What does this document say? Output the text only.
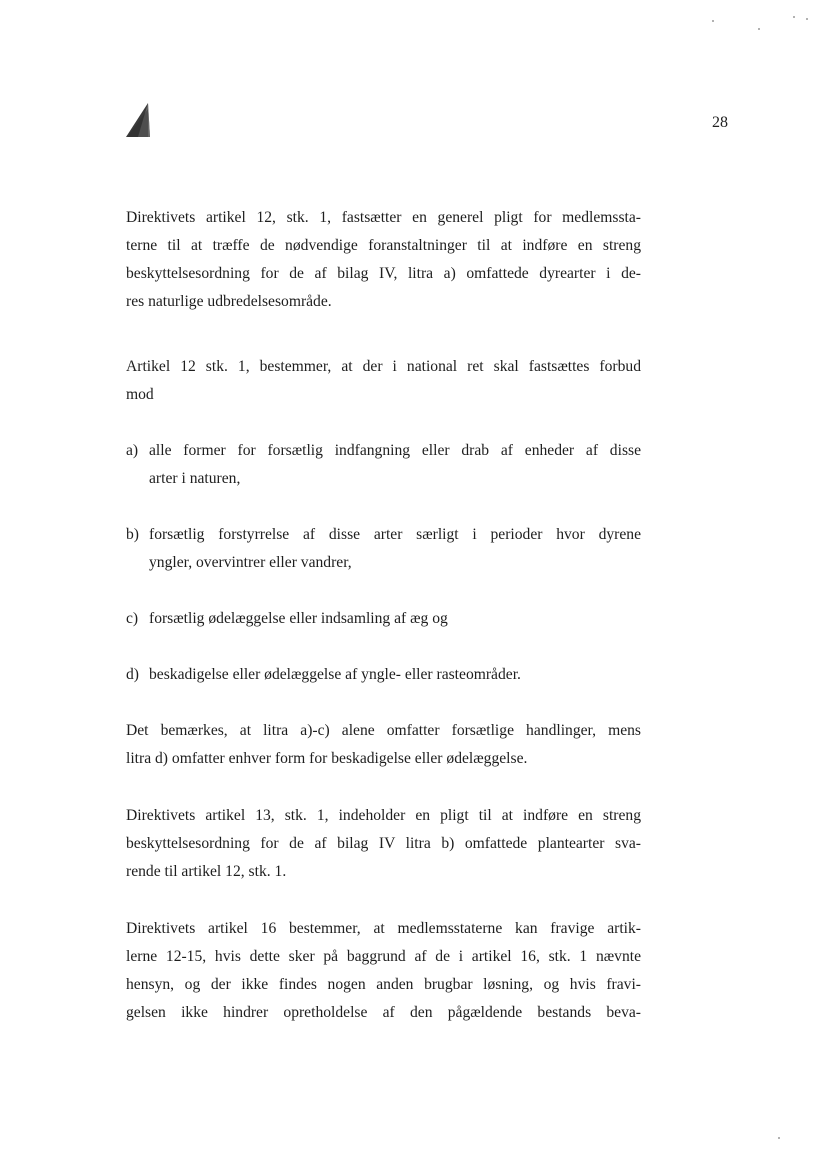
28
Direktivets artikel 12, stk. 1, fastsætter en generel pligt for medlemssta-
terne til at træffe de nødvendige foranstaltninger til at indføre en streng
beskyttelsesordning for de af bilag IV, litra a) omfattede dyrearter i de-
res naturlige udbredelsesområde.
Artikel 12 stk. 1, bestemmer, at der i national ret skal fastsættes forbud
mod
a) alle former for forsætlig indfangning eller drab af enheder af disse
arter i naturen,
b) forsætlig forstyrrelse af disse arter særligt i perioder hvor dyrene
yngler, overvintrer eller vandrer,
c) forsætlig ødelæggelse eller indsamling af æg og
d) beskadigelse eller ødelæggelse af yngle- eller rasteområder.
Det bemærkes, at litra a)-c) alene omfatter forsætlige handlinger, mens
litra d) omfatter enhver form for beskadigelse eller ødelæggelse.
Direktivets artikel 13, stk. 1, indeholder en pligt til at indføre en streng
beskyttelsesordning for de af bilag IV litra b) omfattede plantearter sva-
rende til artikel 12, stk. 1.
Direktivets artikel 16 bestemmer, at medlemsstaterne kan fravige artik-
lerne 12-15, hvis dette sker på baggrund af de i artikel 16, stk. 1 nævnte
hensyn, og der ikke findes nogen anden brugbar løsning, og hvis fravi-
gelsen ikke hindrer opretholdelse af den pågældende bestands beva-
